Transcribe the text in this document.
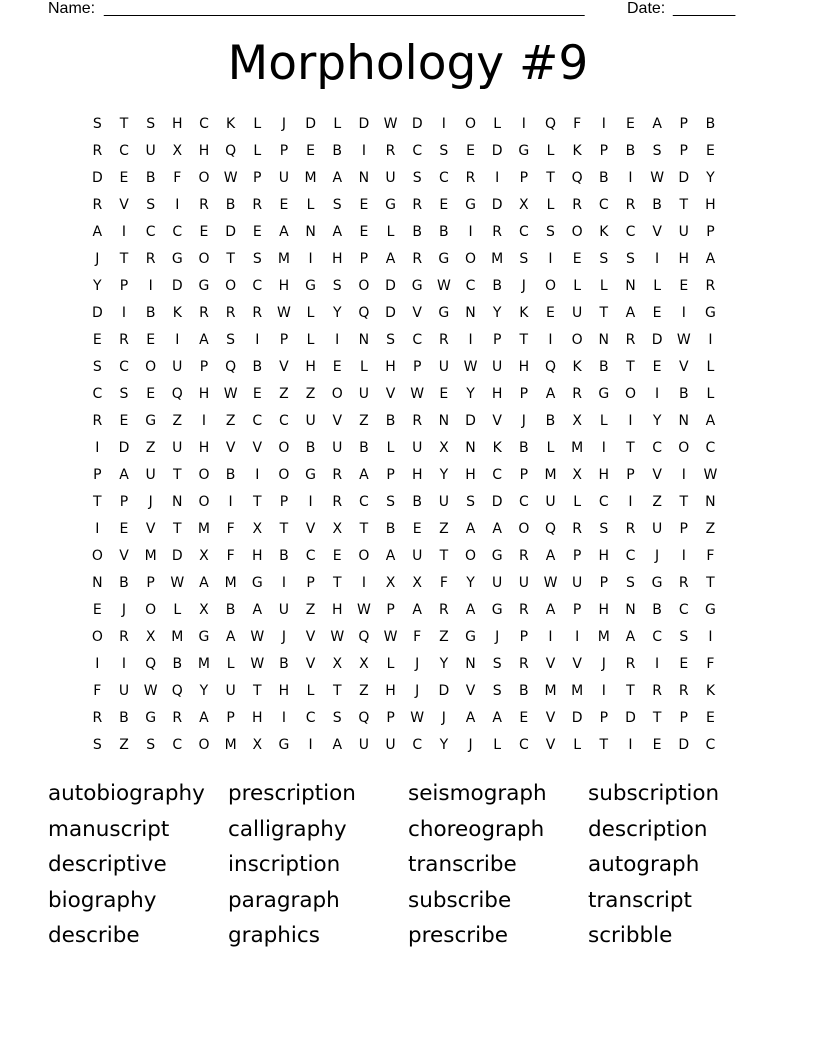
Name: ______________________________________________________	Date: _______
Morphology #9
S	T	S	H	C	K	L	J	D	L	D	W	D	I	O	L	I	Q	F	I	E	A	P	B
R	C	U	X	H	Q	L	P	E	B	I	R	C	S	E	D	G	L	K	P	B	S	P	E
D	E	B	F	O	W	P	U	M	A	N	U	S	C	R	I	P	T	Q	B	I	W	D	Y
R	V	S	I	R	B	R	E	L	S	E	G	R	E	G	D	X	L	R	C	R	B	T	H
A	I	C	C	E	D	E	A	N	A	E	L	B	B	I	R	C	S	O	K	C	V	U	P
J	T	R	G	O	T	S	M	I	H	P	A	R	G	O	M	S	I	E	S	S	I	H	A
Y	P	I	D	G	O	C	H	G	S	O	D	G	W	C	B	J	O	L	L	N	L	E	R
D	I	B	K	R	R	R	W	L	Y	Q	D	V	G	N	Y	K	E	U	T	A	E	I	G
E	R	E	I	A	S	I	P	L	I	N	S	C	R	I	P	T	I	O	N	R	D	W	I
S	C	O	U	P	Q	B	V	H	E	L	H	P	U	W	U	H	Q	K	B	T	E	V	L
C	S	E	Q	H	W	E	Z	Z	O	U	V	W	E	Y	H	P	A	R	G	O	I	B	L
R	E	G	Z	I	Z	C	C	U	V	Z	B	R	N	D	V	J	B	X	L	I	Y	N	A
I	D	Z	U	H	V	V	O	B	U	B	L	U	X	N	K	B	L	M	I	T	C	O	C
P	A	U	T	O	B	I	O	G	R	A	P	H	Y	H	C	P	M	X	H	P	V	I	W
T	P	J	N	O	I	T	P	I	R	C	S	B	U	S	D	C	U	L	C	I	Z	T	N
I	E	V	T	M	F	X	T	V	X	T	B	E	Z	A	A	O	Q	R	S	R	U	P	Z
O	V	M	D	X	F	H	B	C	E	O	A	U	T	O	G	R	A	P	H	C	J	I	F
N	B	P	W	A	M	G	I	P	T	I	X	X	F	Y	U	U	W	U	P	S	G	R	T
E	J	O	L	X	B	A	U	Z	H	W	P	A	R	A	G	R	A	P	H	N	B	C	G
O	R	X	M	G	A	W	J	V	W	Q	W	F	Z	G	J	P	I	I	M	A	C	S	I
I	I	Q	B	M	L	W	B	V	X	X	L	J	Y	N	S	R	V	V	J	R	I	E	F
F	U	W	Q	Y	U	T	H	L	T	Z	H	J	D	V	S	B	M	M	I	T	R	R	K
R	B	G	R	A	P	H	I	C	S	Q	P	W	J	A	A	E	V	D	P	D	T	P	E
S	Z	S	C	O	M	X	G	I	A	U	U	C	Y	J	L	C	V	L	T	I	E	D	C
autobiography prescription seismograph subscription
manuscript	calligraphy	choreograph description
descriptive	inscription	transcribe	autograph
biography	paragraph	subscribe	transcript
describe	graphics	prescribe	scribble
